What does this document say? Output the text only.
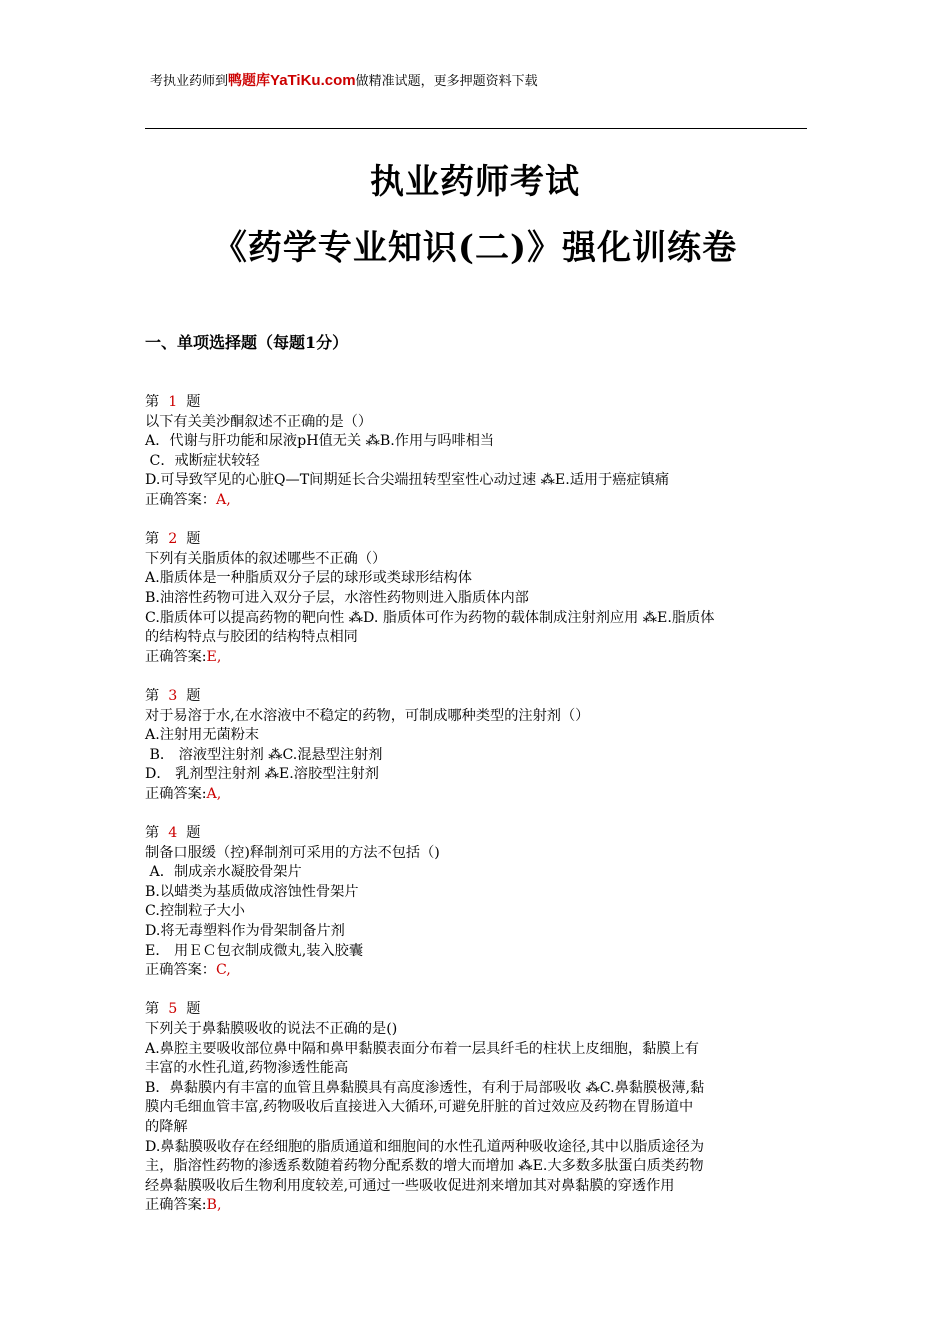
考执业药师到鸭题库YaTiKu.com做精准试题，更多押题资料下载
执业药师考试
《药学专业知识(二)》强化训练卷
一、单项选择题（每题1分）
第  1  题
以下有关美沙酮叙述不正确的是（）
A．代谢与肝功能和尿液pH值无关 ⁂B.作用与吗啡相当
C．戒断症状较轻
D.可导致罕见的心脏Q—T间期延长合尖端扭转型室性心动过速 ⁂E.适用于癌症镇痛
正确答案：A,
第  2  题
下列有关脂质体的叙述哪些不正确（）
A.脂质体是一种脂质双分子层的球形或类球形结构体
B.油溶性药物可进入双分子层，水溶性药物则进入脂质体内部
C.脂质体可以提高药物的靶向性 ⁂D. 脂质体可作为药物的载体制成注射剂应用 ⁂E.脂质体
的结构特点与胶团的结构特点相同
正确答案:E,
第  3  题
对于易溶于水,在水溶液中不稳定的药物，可制成哪种类型的注射剂（）
A.注射用无菌粉末
B． 溶液型注射剂 ⁂C.混悬型注射剂
D． 乳剂型注射剂 ⁂E.溶胶型注射剂
正确答案:A,
第  4  题
制备口服缓（控)释制剂可采用的方法不包括（)
A．制成亲水凝胶骨架片
B.以蜡类为基质做成溶蚀性骨架片
C.控制粒子大小
D.将无毒塑料作为骨架制备片剂
E． 用ＥＣ包衣制成微丸,装入胶囊
正确答案：C,
第  5  题
下列关于鼻黏膜吸收的说法不正确的是()
A.鼻腔主要吸收部位鼻中隔和鼻甲黏膜表面分布着一层具纤毛的柱状上皮细胞，黏膜上有
丰富的水性孔道,药物渗透性能高
B．鼻黏膜内有丰富的血管且鼻黏膜具有高度渗透性，有利于局部吸收 ⁂C.鼻黏膜极薄,黏
膜内毛细血管丰富,药物吸收后直接进入大循环,可避免肝脏的首过效应及药物在胃肠道中
的降解
D.鼻黏膜吸收存在经细胞的脂质通道和细胞间的水性孔道两种吸收途径,其中以脂质途径为
主，脂溶性药物的渗透系数随着药物分配系数的增大而增加 ⁂E.大多数多肽蛋白质类药物
经鼻黏膜吸收后生物利用度较差,可通过一些吸收促进剂来增加其对鼻黏膜的穿透作用
正确答案:B,
